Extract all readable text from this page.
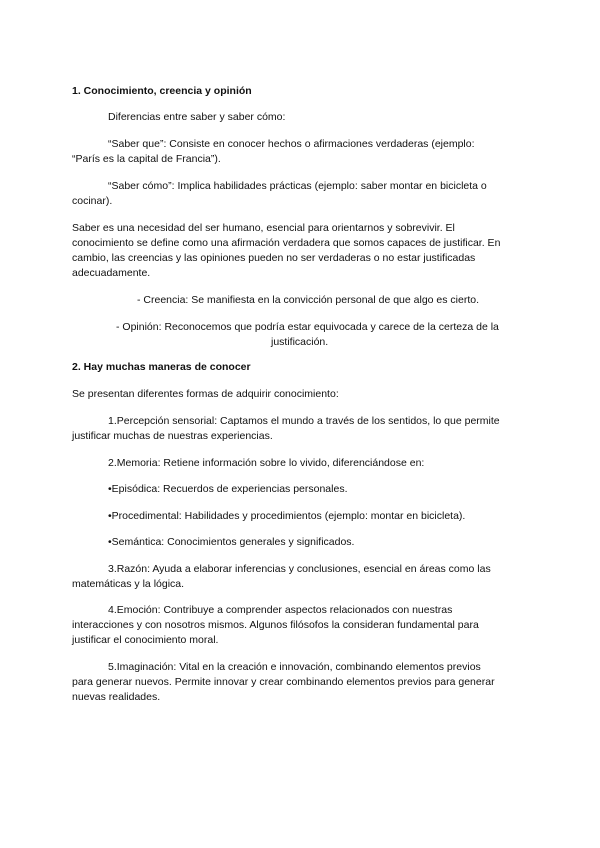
1. Conocimiento, creencia y opinión
Diferencias entre saber y saber cómo:
“Saber que”: Consiste en conocer hechos o afirmaciones verdaderas (ejemplo:
“París es la capital de Francia”).
“Saber cómo”: Implica habilidades prácticas (ejemplo: saber montar en bicicleta o
cocinar).
Saber es una necesidad del ser humano, esencial para orientarnos y sobrevivir. El
conocimiento se define como una afirmación verdadera que somos capaces de justificar. En
cambio, las creencias y las opiniones pueden no ser verdaderas o no estar justificadas
adecuadamente.
- Creencia: Se manifiesta en la convicción personal de que algo es cierto.
- Opinión: Reconocemos que podría estar equivocada y carece de la certeza de la
justificación.
2. Hay muchas maneras de conocer
Se presentan diferentes formas de adquirir conocimiento:
1.Percepción sensorial: Captamos el mundo a través de los sentidos, lo que permite
justificar muchas de nuestras experiencias.
2.Memoria: Retiene información sobre lo vivido, diferenciándose en:
•Episódica: Recuerdos de experiencias personales.
•Procedimental: Habilidades y procedimientos (ejemplo: montar en bicicleta).
•Semántica: Conocimientos generales y significados.
3.Razón: Ayuda a elaborar inferencias y conclusiones, esencial en áreas como las
matemáticas y la lógica.
4.Emoción: Contribuye a comprender aspectos relacionados con nuestras
interacciones y con nosotros mismos. Algunos filósofos la consideran fundamental para
justificar el conocimiento moral.
5.Imaginación: Vital en la creación e innovación, combinando elementos previos
para generar nuevos. Permite innovar y crear combinando elementos previos para generar
nuevas realidades.
